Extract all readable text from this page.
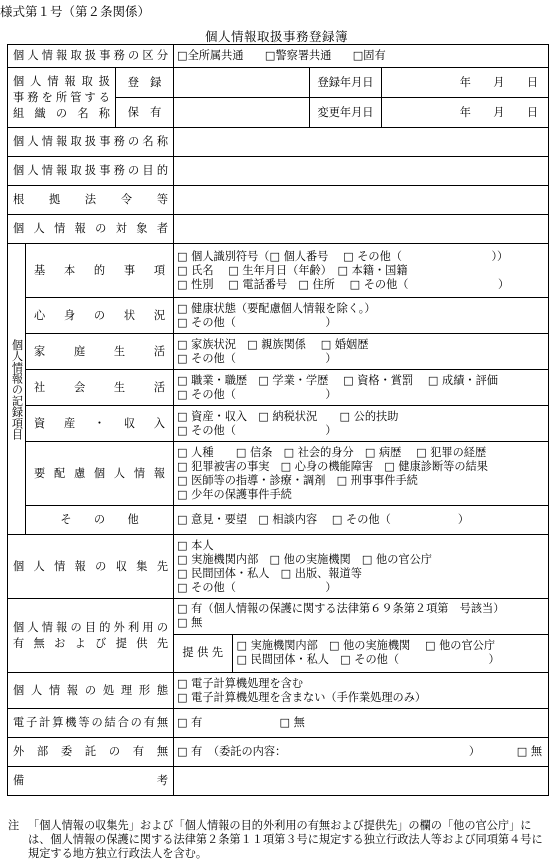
様式第１号（第２条関係）
個人情報取扱事務登録簿
個人情報取扱事務の区分	□全所属共通 □警察署共通 □固有

個人情報取扱
事務を所管する
組 織 の 名 称
	登　録		登録年月日	年　　月　　日
保　有		変更年月日	年　　月　　日
個人情報取扱事務の名称	
個人情報取扱事務の目的	
根拠法令等	
個人情報の対象者	
個人情報の記録項目	基本的事項	
□ 個人識別符号（□ 個人番号　 □ その他（　　　　　　　　））
□ 氏名　 □ 生年月日（年齢）　□ 本籍・国籍
□ 性別　 □ 電話番号　□ 住所　 □ その他（　　　　　　　　）

心身の状況	
□ 健康状態（要配慮個人情報を除く。）
□ その他（　　　　　　　　）

家庭生活	
□ 家族状況　□ 親族関係　 □ 婚姻歴
□ その他（　　　　　　　　）

社会生活	
□ 職業・職歴　□ 学業・学歴　 □ 資格・賞罰　 □ 成績・評価
□ その他（　　　　　　　　）

資産・収入	
□ 資産・収入　□ 納税状況　　□ 公的扶助
□ その他（　　　　　　　　）

要配慮個人情報	
□ 人種　　□ 信条　□ 社会的身分　□ 病歴　 □ 犯罪の経歴
□ 犯罪被害の事実　□ 心身の機能障害　□ 健康診断等の結果
□ 医師等の指導・診療・調剤　□ 刑事事件手続
□ 少年の保護事件手続

そ　　の　　他	□ 意見・要望　□ 相談内容　 □ その他（　　　　　　）

個人情報の収集先	
□ 本人
□ 実施機関内部　□ 他の実施機関　□ 他の官公庁
□ 民間団体・私人　□ 出版、報道等
□ その他（　　　　　　　　）

個人情報の目的外利用の
有無および提供先

□ 有（個人情報の保護に関する法律第６９条第２項第　号該当）
□ 無

提 供 先	
□ 実施機関内部　□ 他の実施機関　 □ 他の官公庁
□ 民間団体・私人　□ その他（　　　　　　　　）

個人情報の処理形態	
□ 電子計算機処理を含む
□ 電子計算機処理を含まない（手作業処理のみ）

電子計算機等の結合の有無	□ 有	□ 無
外部委託の有無	□ 有　（委託の内容：	）	□ 無

備考	
注 「個人情報の収集先」および「個人情報の目的外利用の有無および提供先」の欄の「他の官公庁」には、個人情報の保護に関する法律第２条第１１項第３号に規定する独立行政法人等および同項第４号に規定する地方独立行政法人を含む。
